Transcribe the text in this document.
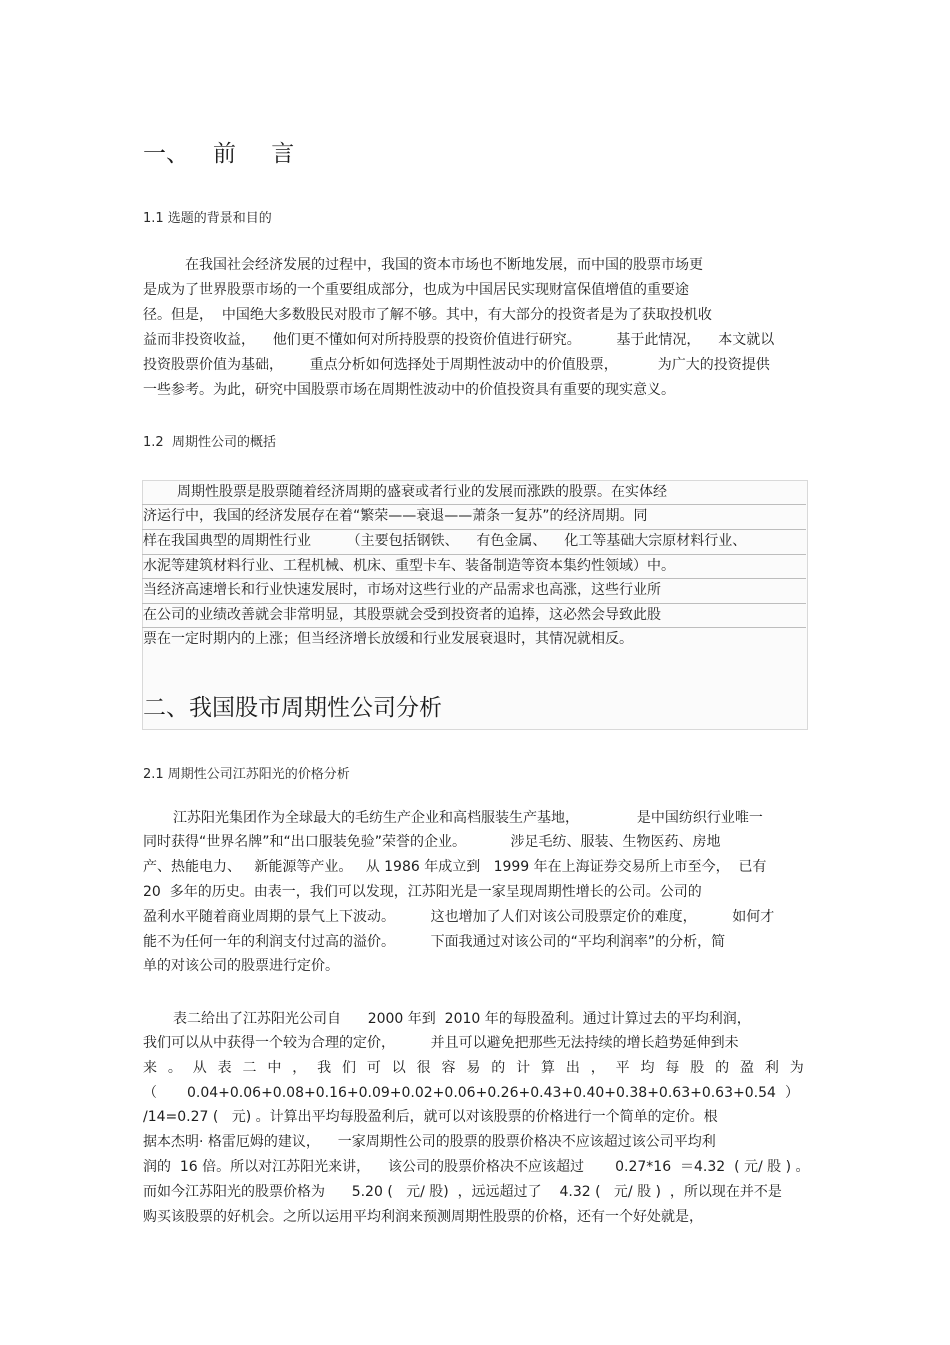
一、 前 言
1.1 选题的背景和目的
在我国社会经济发展的过程中，我国的资本市场也不断地发展，而中国的股票市场更
是成为了世界股票市场的一个重要组成部分，也成为中国居民实现财富保值增值的重要途
径。但是，  中国绝大多数股民对股市了解不够。其中，有大部分的投资者是为了获取投机收
益而非投资收益，    他们更不懂如何对所持股票的投资价值进行研究。        基于此情况，    本文就以
投资股票价值为基础，      重点分析如何选择处于周期性波动中的价值股票，         为广大的投资提供
一些参考。为此，研究中国股票市场在周期性波动中的价值投资具有重要的现实意义。
1.2  周期性公司的概括
周期性股票是股票随着经济周期的盛衰或者行业的发展而涨跌的股票。在实体经
济运行中，我国的经济发展存在着“繁荣——衰退——萧条一复苏”的经济周期。同
样在我国典型的周期性行业        （主要包括钢铁、    有色金属、    化工等基础大宗原材料行业、
水泥等建筑材料行业、工程机械、机床、重型卡车、装备制造等资本集约性领域）中。
当经济高速增长和行业快速发展时，市场对这些行业的产品需求也高涨，这些行业所
在公司的业绩改善就会非常明显，其股票就会受到投资者的追捧，这必然会导致此股
票在一定时期内的上涨；但当经济增长放缓和行业发展衰退时，其情况就相反。
二、我国股市周期性公司分析
2.1 周期性公司江苏阳光的价格分析
江苏阳光集团作为全球最大的毛纺生产企业和高档服装生产基地，             是中国纺织行业唯一
同时获得“世界名牌”和“出口服装免验”荣誉的企业。          涉足毛纺、服装、生物医药、房地
产、热能电力、   新能源等产业。   从 1986 年成立到   1999 年在上海证券交易所上市至今，  已有
20  多年的历史。由表一，我们可以发现，江苏阳光是一家呈现周期性增长的公司。公司的
盈利水平随着商业周期的景气上下波动。        这也增加了人们对该公司股票定价的难度，        如何才
能不为任何一年的利润支付过高的溢价。        下面我通过对该公司的“平均利润率”的分析，简
单的对该公司的股票进行定价。
表二给出了江苏阳光公司自      2000 年到  2010 年的每股盈利。通过计算过去的平均利润，
我们可以从中获得一个较为合理的定价，        并且可以避免把那些无法持续的增长趋势延伸到未
来 。 从 表 二 中 ， 我 们 可 以 很 容 易 的 计 算 出 ， 平 均 每 股 的 盈 利 为
（ 0.04+0.06+0.08+0.16+0.09+0.02+0.06+0.26+0.43+0.40+0.38+0.63+0.63+0.54 ）
/14=0.27 (   元) 。计算出平均每股盈利后，就可以对该股票的价格进行一个简单的定价。根
据本杰明· 格雷厄姆的建议，    一家周期性公司的股票的股票价格决不应该超过该公司平均利
润的  16 倍。所以对江苏阳光来讲，    该公司的股票价格决不应该超过       0.27*16  ＝4.32  ( 元/ 股 ) 。
而如今江苏阳光的股票价格为      5.20 (   元/ 股)  ，远远超过了    4.32 (   元/ 股 )  ，所以现在并不是
购买该股票的好机会。之所以运用平均利润来预测周期性股票的价格，还有一个好处就是，
